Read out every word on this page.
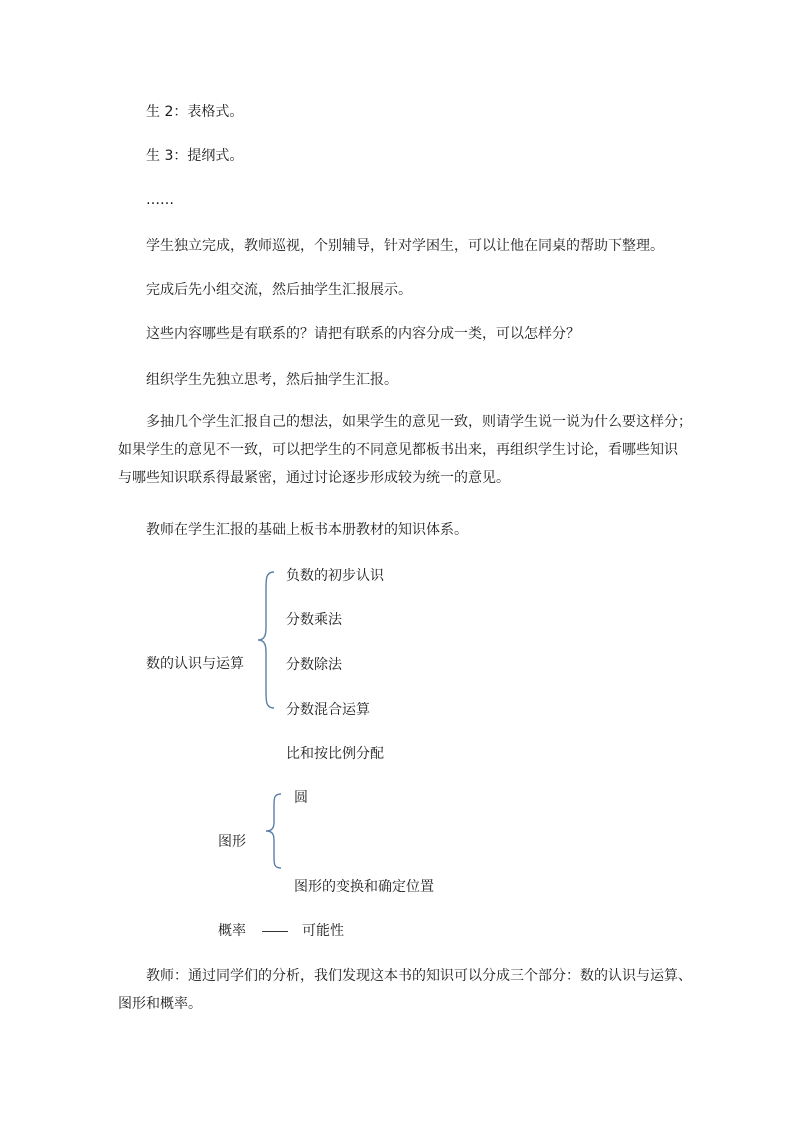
生 2：表格式。
生 3：提纲式。
……
学生独立完成，教师巡视，个别辅导，针对学困生，可以让他在同桌的帮助下整理。
完成后先小组交流，然后抽学生汇报展示。
这些内容哪些是有联系的？请把有联系的内容分成一类，可以怎样分？
组织学生先独立思考，然后抽学生汇报。

多抽几个学生汇报自己的想法，如果学生的意见一致，则请学生说一说为什么要这样分；

如果学生的意见不一致，可以把学生的不同意见都板书出来，再组织学生讨论，看哪些知识

与哪些知识联系得最紧密，通过讨论逐步形成较为统一的意见。

教师在学生汇报的基础上板书本册教材的知识体系。
数的认识与运算
负数的初步认识
分数乘法
分数除法
分数混合运算
比和按比例分配
图形
圆
图形的变换和确定位置
概率	可能性

教师：通过同学们的分析，我们发现这本书的知识可以分成三个部分：数的认识与运算、

图形和概率。
